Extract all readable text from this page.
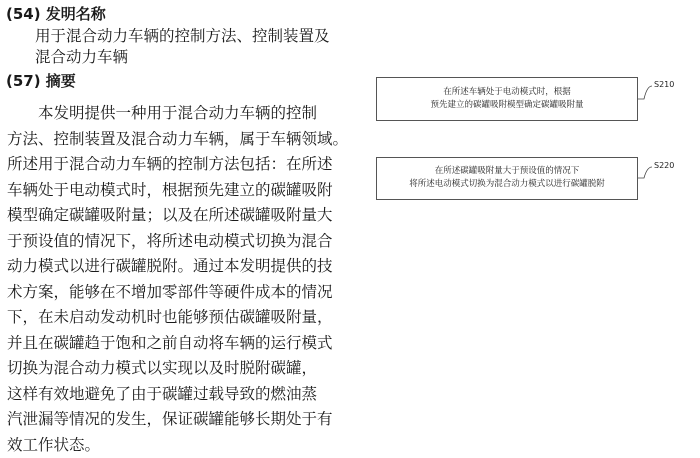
(54) 发明名称
用于混合动力车辆的控制方法、控制装置及
混合动力车辆
(57) 摘要
　　本发明提供一种用于混合动力车辆的控制
方法、控制装置及混合动力车辆，属于车辆领域。
所述用于混合动力车辆的控制方法包括：在所述
车辆处于电动模式时，根据预先建立的碳罐吸附
模型确定碳罐吸附量；以及在所述碳罐吸附量大
于预设值的情况下，将所述电动模式切换为混合
动力模式以进行碳罐脱附。通过本发明提供的技
术方案，能够在不增加零部件等硬件成本的情况
下，在未启动发动机时也能够预估碳罐吸附量，
并且在碳罐趋于饱和之前自动将车辆的运行模式
切换为混合动力模式以实现以及时脱附碳罐，
这样有效地避免了由于碳罐过载导致的燃油蒸
汽泄漏等情况的发生，保证碳罐能够长期处于有
效工作状态。
在所述车辆处于电动模式时，根据
预先建立的碳罐吸附模型确定碳罐吸附量
S210
在所述碳罐吸附量大于预设值的情况下
将所述电动模式切换为混合动力模式以进行碳罐脱附
S220
